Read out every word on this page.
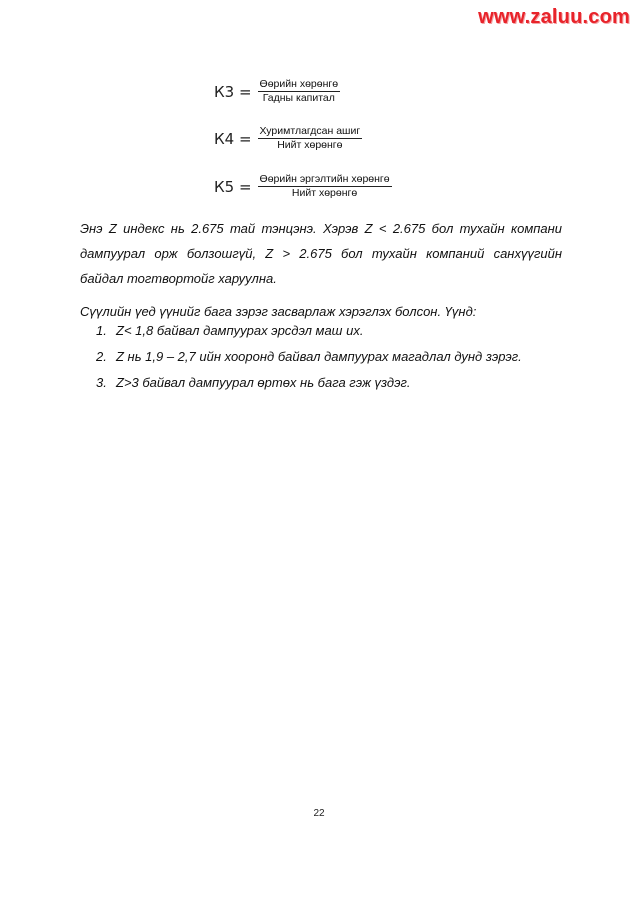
www.zaluu.com
$К3 = \frac{\text{Өөрийн хөрөнгө}}{\text{Гадны капитал}}$
$К4 = \frac{\text{Хуримтлагдсан ашиг}}{\text{Нийт хөрөнгө}}$
$К5 = \frac{\text{Өөрийн эргэлтийн хөрөнгө}}{\text{Нийт хөрөнгө}}$
Энэ Z индекс нь 2.675 тай тэнцэнэ. Хэрэв Z < 2.675 бол тухайн компани
дампуурал орж болзошгүй, Z > 2.675 бол тухайн компаний санхүүгийн
байдал тогтвортойг харуулна.
Сүүлийн үед үүнийг бага зэрэг засварлаж хэрэглэх болсон. Үүнд:
1. Z< 1,8 байвал дампуурах эрсдэл маш их.
2. Z нь 1,9 – 2,7 ийн хооронд байвал дампуурах магадлал дунд зэрэг.
3. Z>3 байвал дампуурал өртөх нь бага гэж үздэг.
22
